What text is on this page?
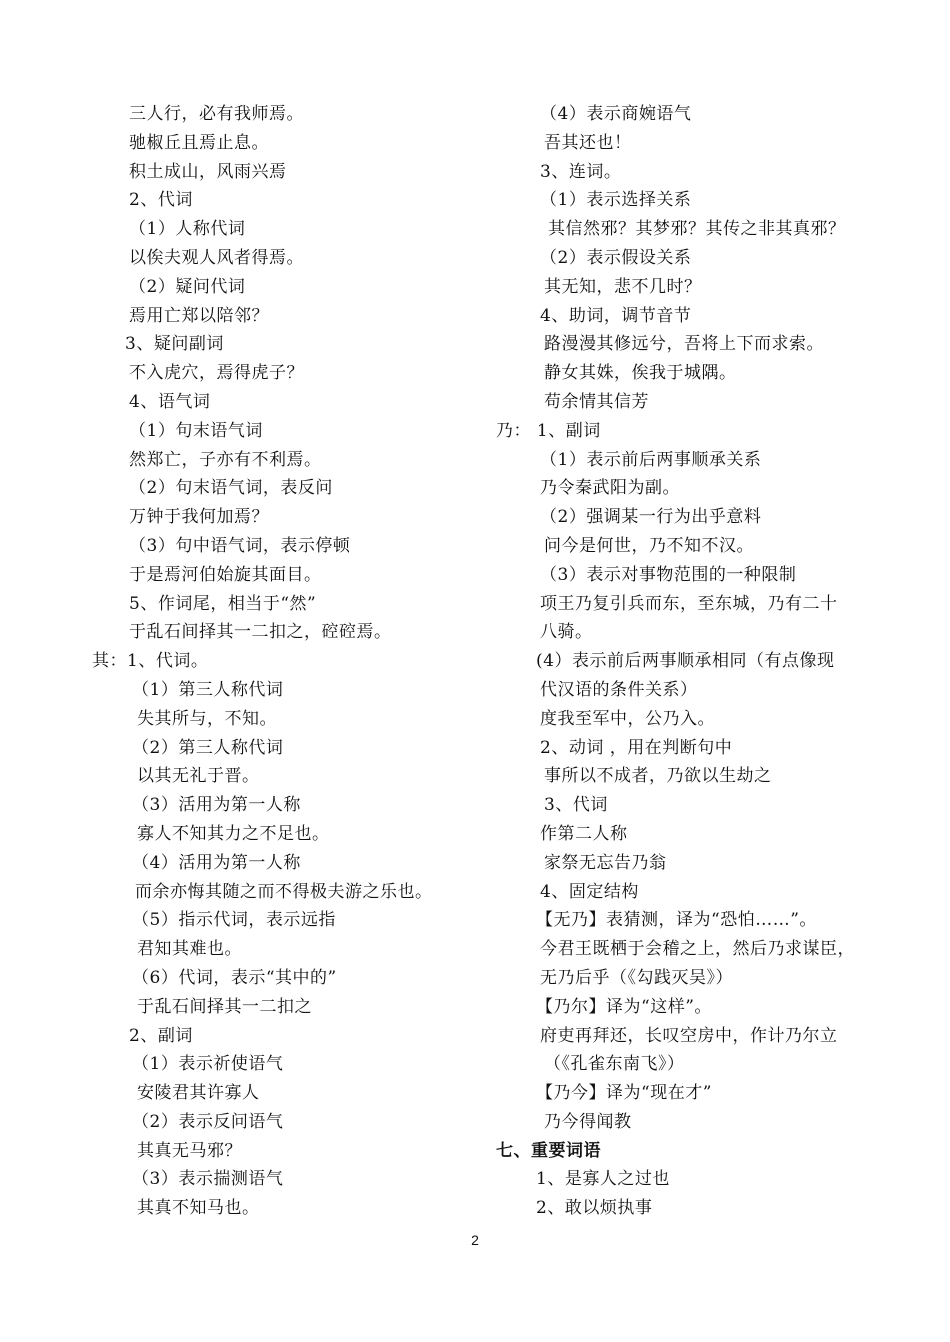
三人行，必有我师焉。
驰椒丘且焉止息。
积土成山，风雨兴焉
2、代词
（1）人称代词
以俟夫观人风者得焉。
（2）疑问代词
焉用亡郑以陪邻？
3、疑问副词
不入虎穴，焉得虎子？
4、语气词
（1）句末语气词
然郑亡，子亦有不利焉。
（2）句末语气词，表反问
万钟于我何加焉？
（3）句中语气词，表示停顿
于是焉河伯始旋其面目。
5、作词尾，相当于“然”
于乱石间择其一二扣之，硿硿焉。
其：1、代词。
（1）第三人称代词
失其所与，不知。
（2）第三人称代词
以其无礼于晋。
（3）活用为第一人称
寡人不知其力之不足也。
（4）活用为第一人称
而余亦悔其随之而不得极夫游之乐也。
（5）指示代词，表示远指
君知其难也。
（6）代词，表示“其中的”
于乱石间择其一二扣之
2、副词
（1）表示祈使语气
安陵君其许寡人
（2）表示反问语气
其真无马邪？
（3）表示揣测语气
其真不知马也。
（4）表示商婉语气
吾其还也！
3、连词。
（1）表示选择关系
其信然邪？其梦邪？其传之非其真邪？
（2）表示假设关系
其无知，悲不几时？
4、助词，调节音节
路漫漫其修远兮，吾将上下而求索。
静女其姝，俟我于城隅。
苟余情其信芳
乃： 1、副词
（1）表示前后两事顺承关系
乃令秦武阳为副。
（2）强调某一行为出乎意料
问今是何世，乃不知不汉。
（3）表示对事物范围的一种限制
项王乃复引兵而东，至东城，乃有二十
八骑。
(4）表示前后两事顺承相同（有点像现
代汉语的条件关系）
度我至军中，公乃入。
2、动词 ，用在判断句中
事所以不成者，乃欲以生劫之
3、代词
作第二人称
家祭无忘告乃翁
4、固定结构
【无乃】表猜测，译为“恐怕……”。
今君王既栖于会稽之上，然后乃求谋臣，
无乃后乎（《勾践灭吴》）
【乃尔】译为“这样”。
府吏再拜还，长叹空房中，作计乃尔立
（《孔雀东南飞》）
【乃今】译为“现在才”
乃今得闻教
七、重要词语
1、是寡人之过也
2、敢以烦执事
2
